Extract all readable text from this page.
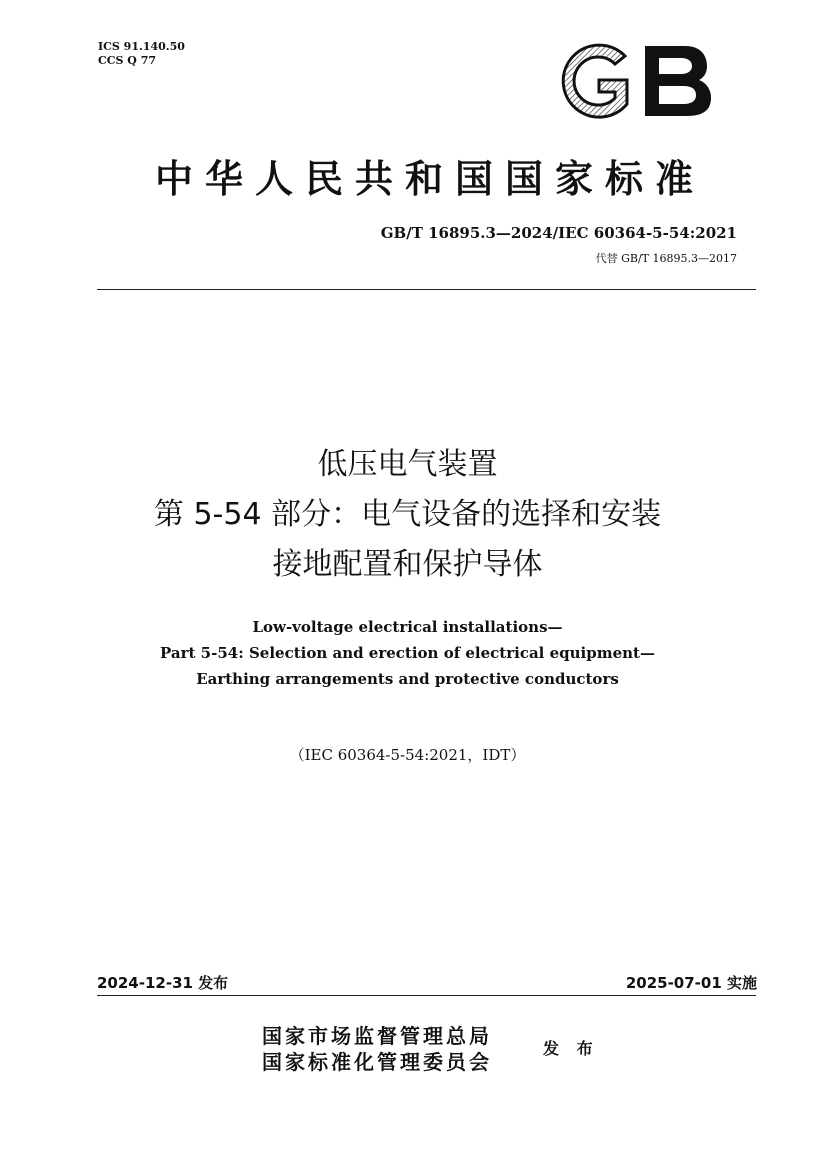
ICS 91.140.50
CCS Q 77
中华人民共和国国家标准
GB/T 16895.3—2024/IEC 60364-5-54:2021
代替 GB/T 16895.3—2017
低压电气装置
第 5-54 部分：电气设备的选择和安装
接地配置和保护导体
Low-voltage electrical installations—
Part 5-54: Selection and erection of electrical equipment—
Earthing arrangements and protective conductors
（IEC 60364-5-54:2021，IDT）
2024-12-31 发布	2025-07-01 实施
国家市场监督管理总局
国家标准化管理委员会
发 布
